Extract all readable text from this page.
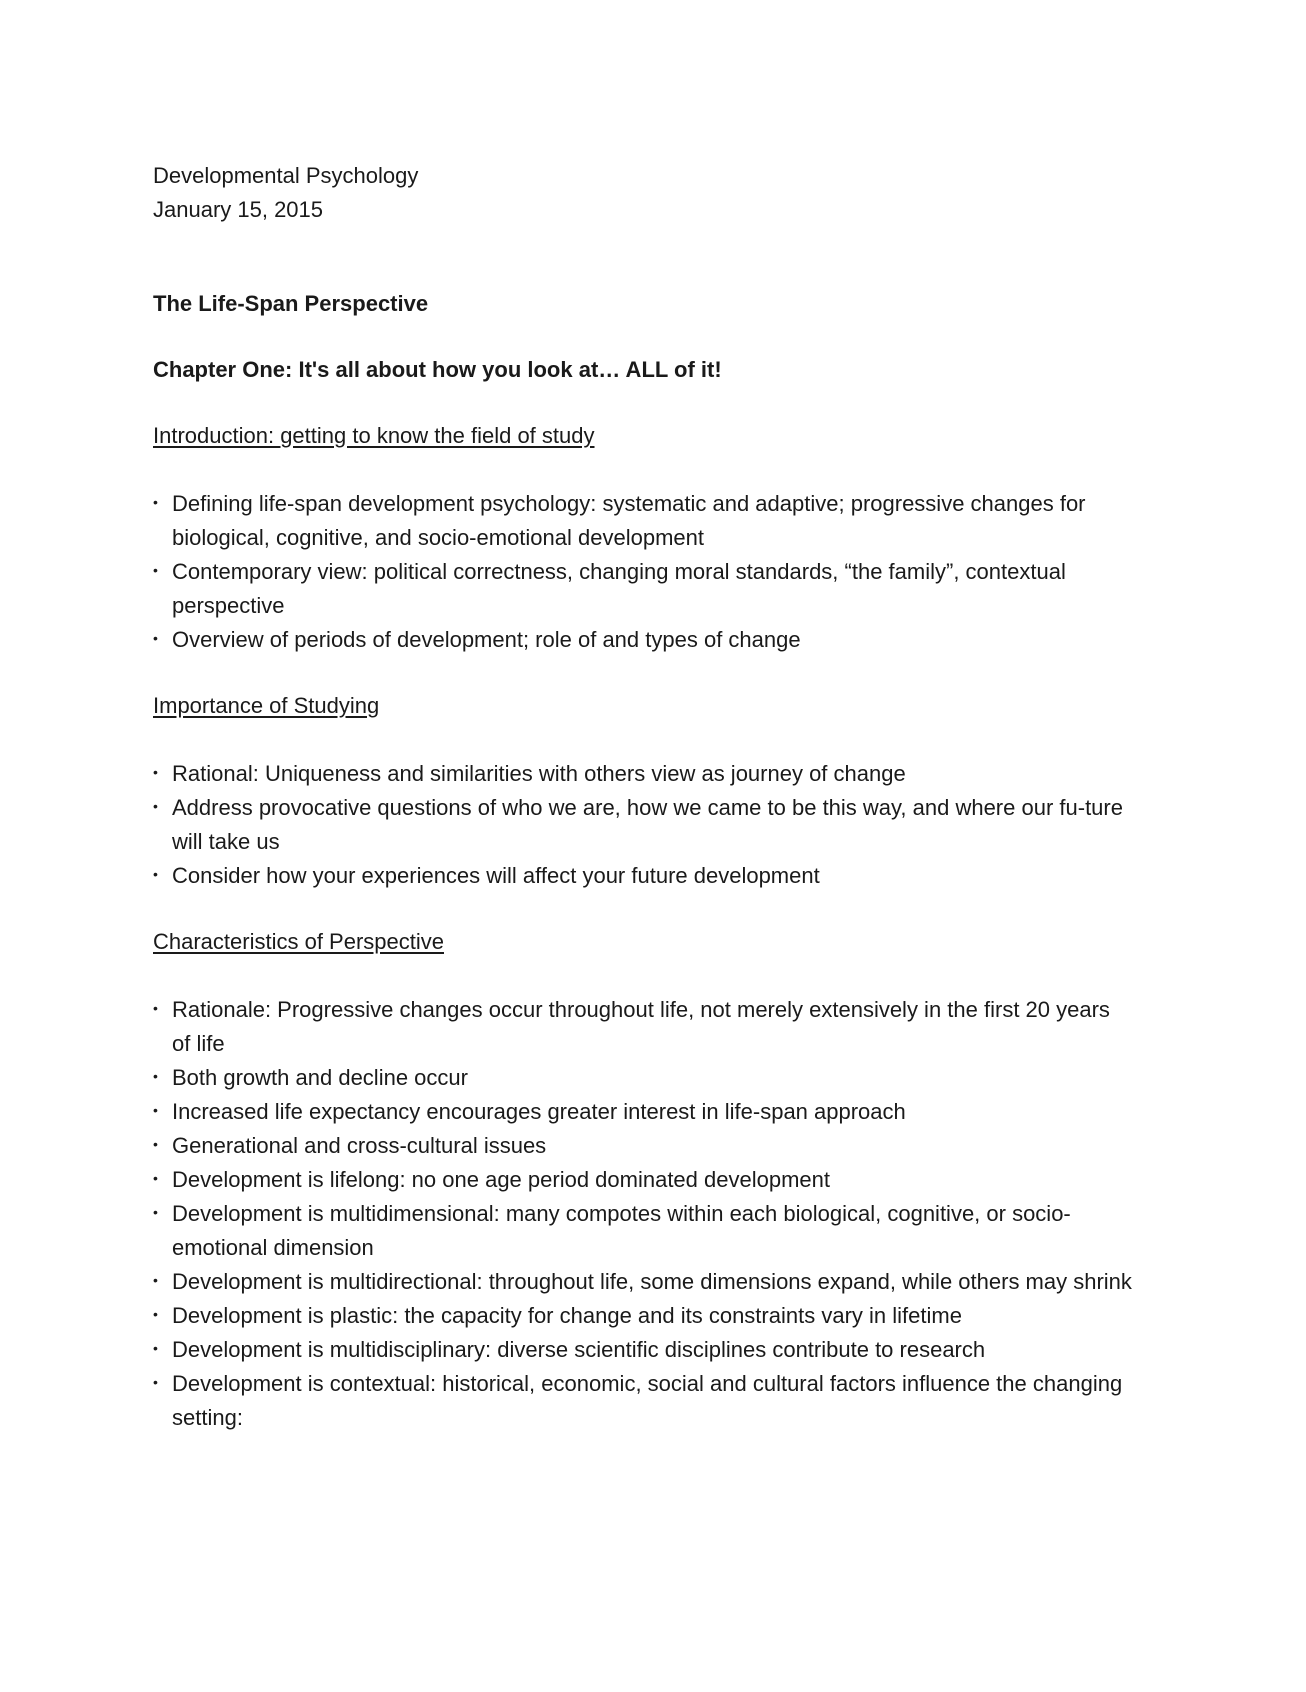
Developmental Psychology

January 15, 2015

The Life-Span Perspective

Chapter One: It's all about how you look at… ALL of it!

Introduction: getting to know the field of study

• Defining life-span development psychology: systematic and adaptive; progressive changes for biological, cognitive, and socio-emotional development
• Contemporary view: political correctness, changing moral standards, “the family”, contextual perspective
• Overview of periods of development; role of and types of change

Importance of Studying

• Rational: Uniqueness and similarities with others view as journey of change
• Address provocative questions of who we are, how we came to be this way, and where our fu-ture will take us
• Consider how your experiences will affect your future development

Characteristics of Perspective

• Rationale: Progressive changes occur throughout life, not merely extensively in the first 20 years of life
• Both growth and decline occur
• Increased life expectancy encourages greater interest in life-span approach
• Generational and cross-cultural issues
• Development is lifelong: no one age period dominated development
• Development is multidimensional: many compotes within each biological, cognitive, or socio-emotional dimension
• Development is multidirectional: throughout life, some dimensions expand, while others may shrink
• Development is plastic: the capacity for change and its constraints vary in lifetime
• Development is multidisciplinary: diverse scientific disciplines contribute to research
• Development is contextual: historical, economic, social and cultural factors influence the changing setting:
